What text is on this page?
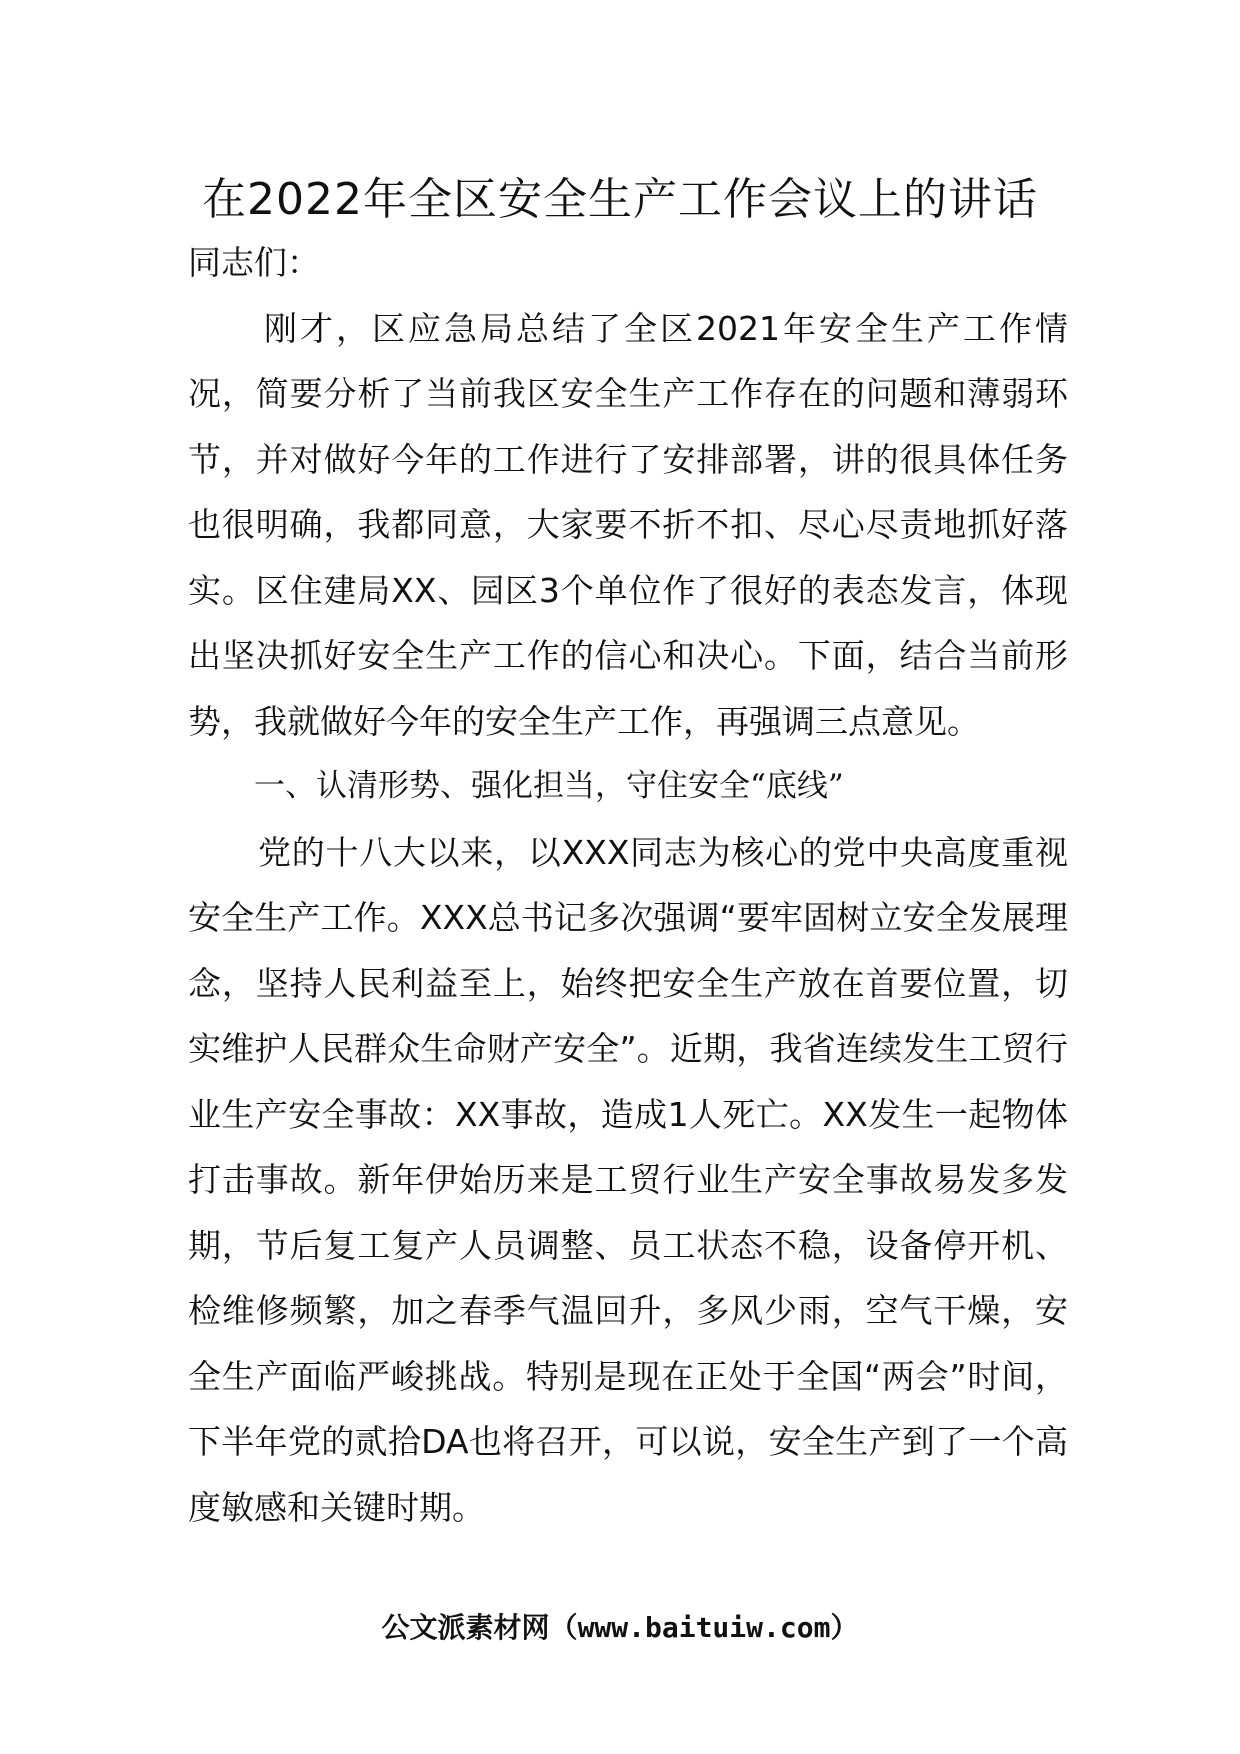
在2022年全区安全生产工作会议上的讲话

同志们：

刚才，区应急局总结了全区2021年安全生产工作情况，简要分析了当前我区安全生产工作存在的问题和薄弱环节，并对做好今年的工作进行了安排部署，讲的很具体任务也很明确，我都同意，大家要不折不扣、尽心尽责地抓好落实。区住建局XX、园区3个单位作了很好的表态发言，体现出坚决抓好安全生产工作的信心和决心。下面，结合当前形势，我就做好今年的安全生产工作，再强调三点意见。

一、认清形势、强化担当，守住安全“底线”

党的十八大以来，以XXX同志为核心的党中央高度重视安全生产工作。XXX总书记多次强调“要牢固树立安全发展理念，坚持人民利益至上，始终把安全生产放在首要位置，切实维护人民群众生命财产安全”。近期，我省连续发生工贸行业生产安全事故：XX事故，造成1人死亡。XX发生一起物体打击事故。新年伊始历来是工贸行业生产安全事故易发多发期，节后复工复产人员调整、员工状态不稳，设备停开机、检维修频繁，加之春季气温回升，多风少雨，空气干燥，安全生产面临严峻挑战。特别是现在正处于全国“两会”时间，下半年党的贰拾DA也将召开，可以说，安全生产到了一个高度敏感和关键时期。

公文派素材网（www.baituiw.com）
